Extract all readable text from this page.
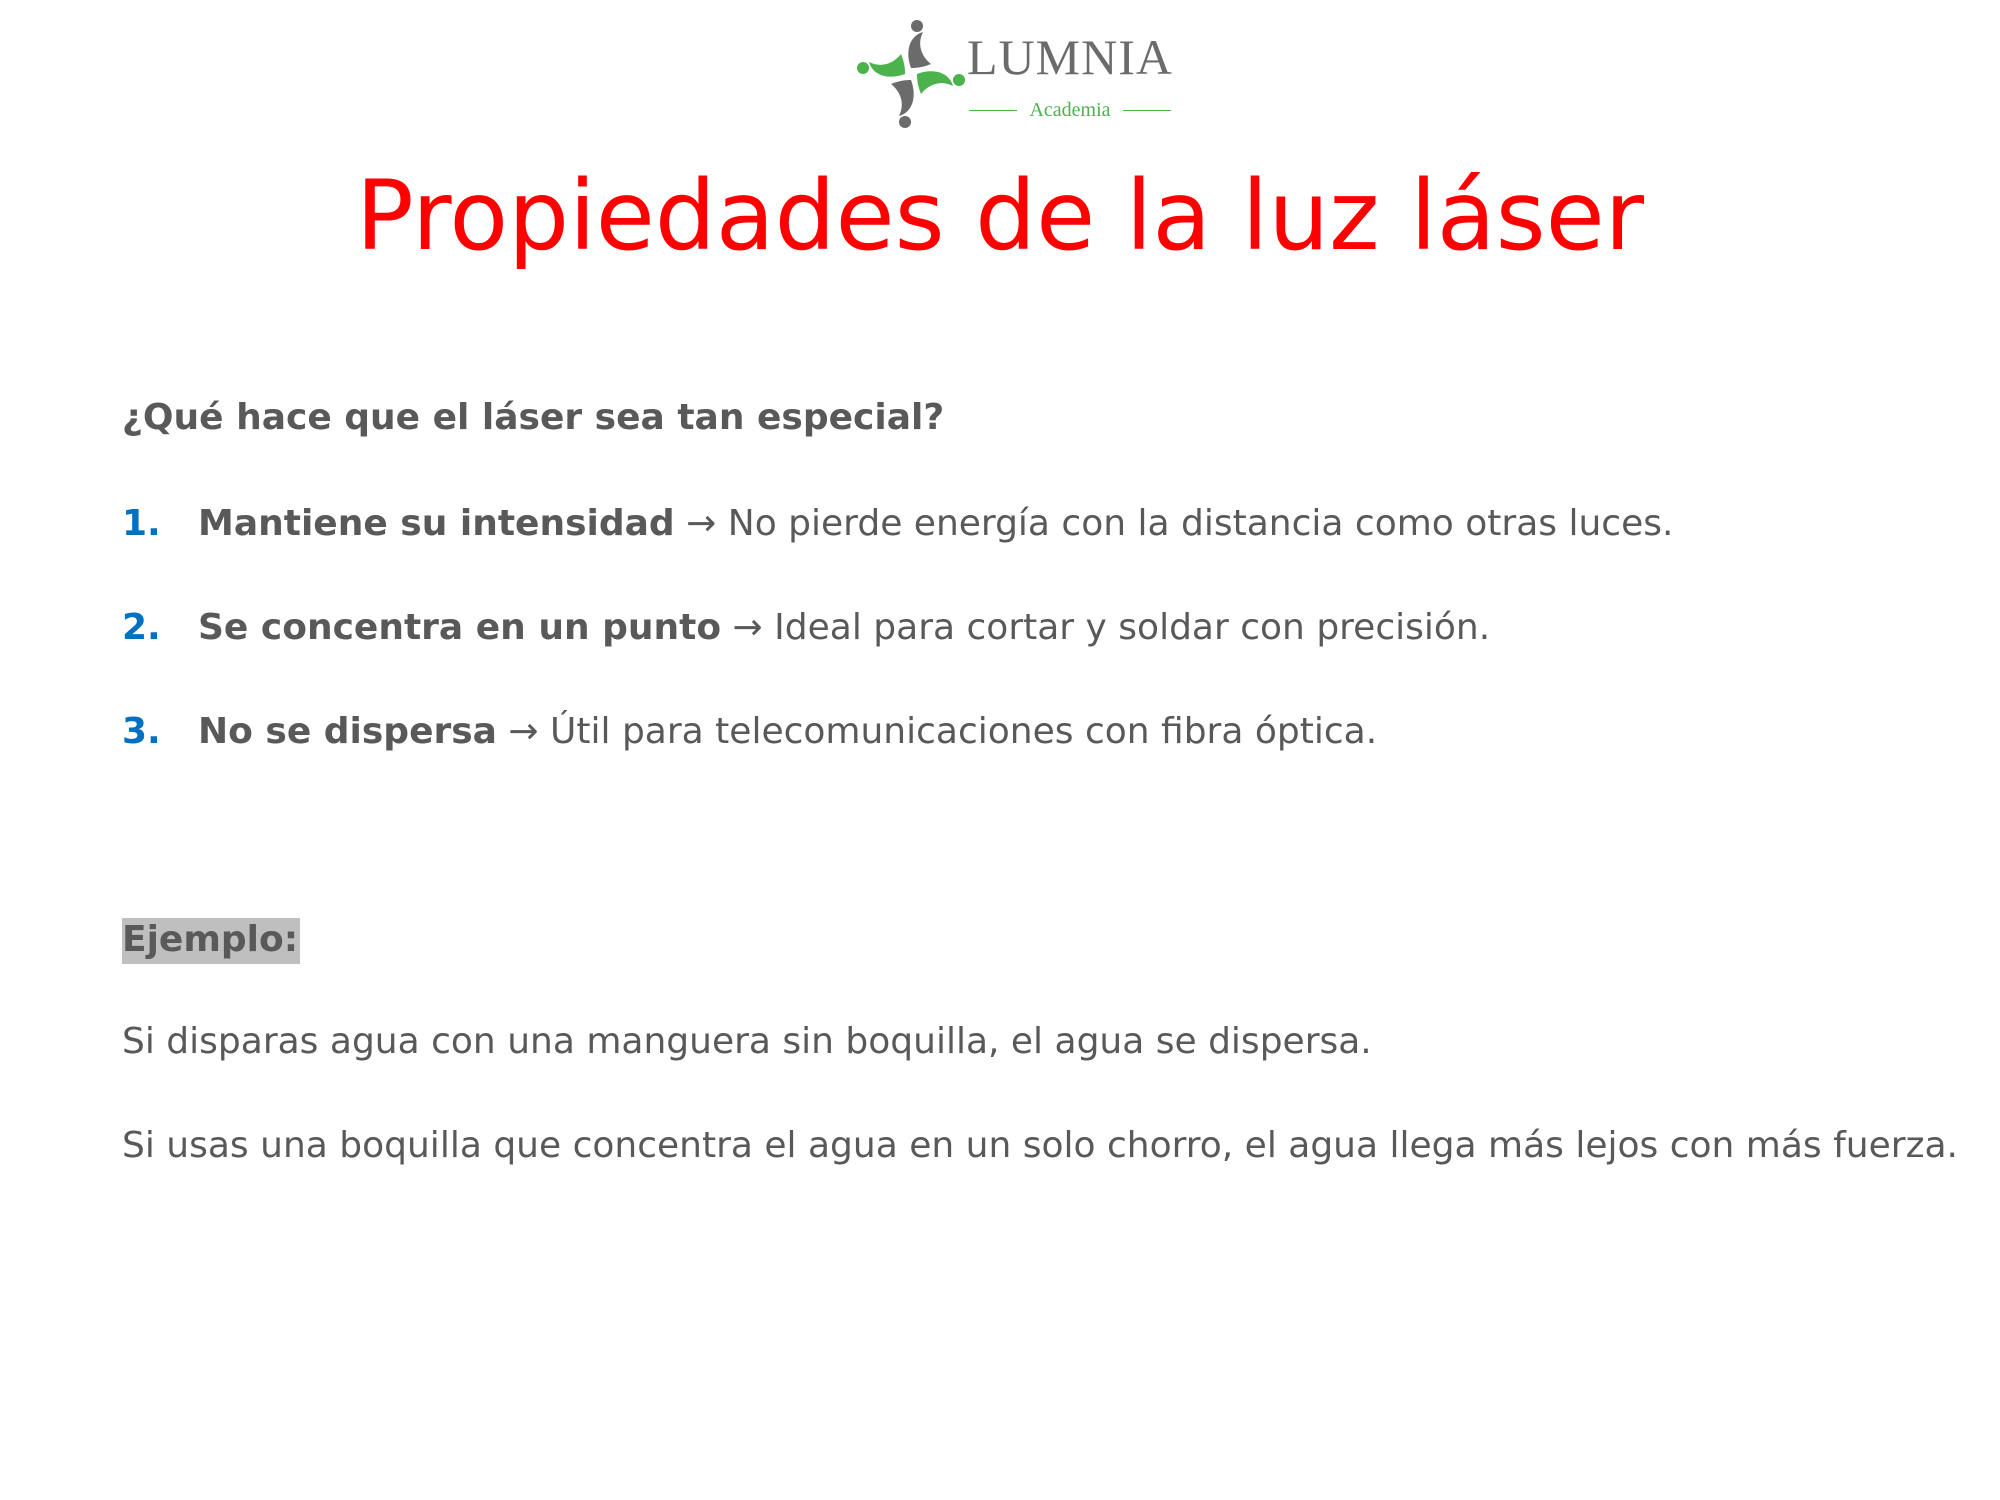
LUMNIA
Academia
Propiedades de la luz láser
¿Qué hace que el láser sea tan especial?
1. Mantiene su intensidad → No pierde energía con la distancia como otras luces.
2. Se concentra en un punto → Ideal para cortar y soldar con precisión.
3. No se dispersa → Útil para telecomunicaciones con fibra óptica.
Ejemplo:
Si disparas agua con una manguera sin boquilla, el agua se dispersa.
Si usas una boquilla que concentra el agua en un solo chorro, el agua llega más lejos con más fuerza.
